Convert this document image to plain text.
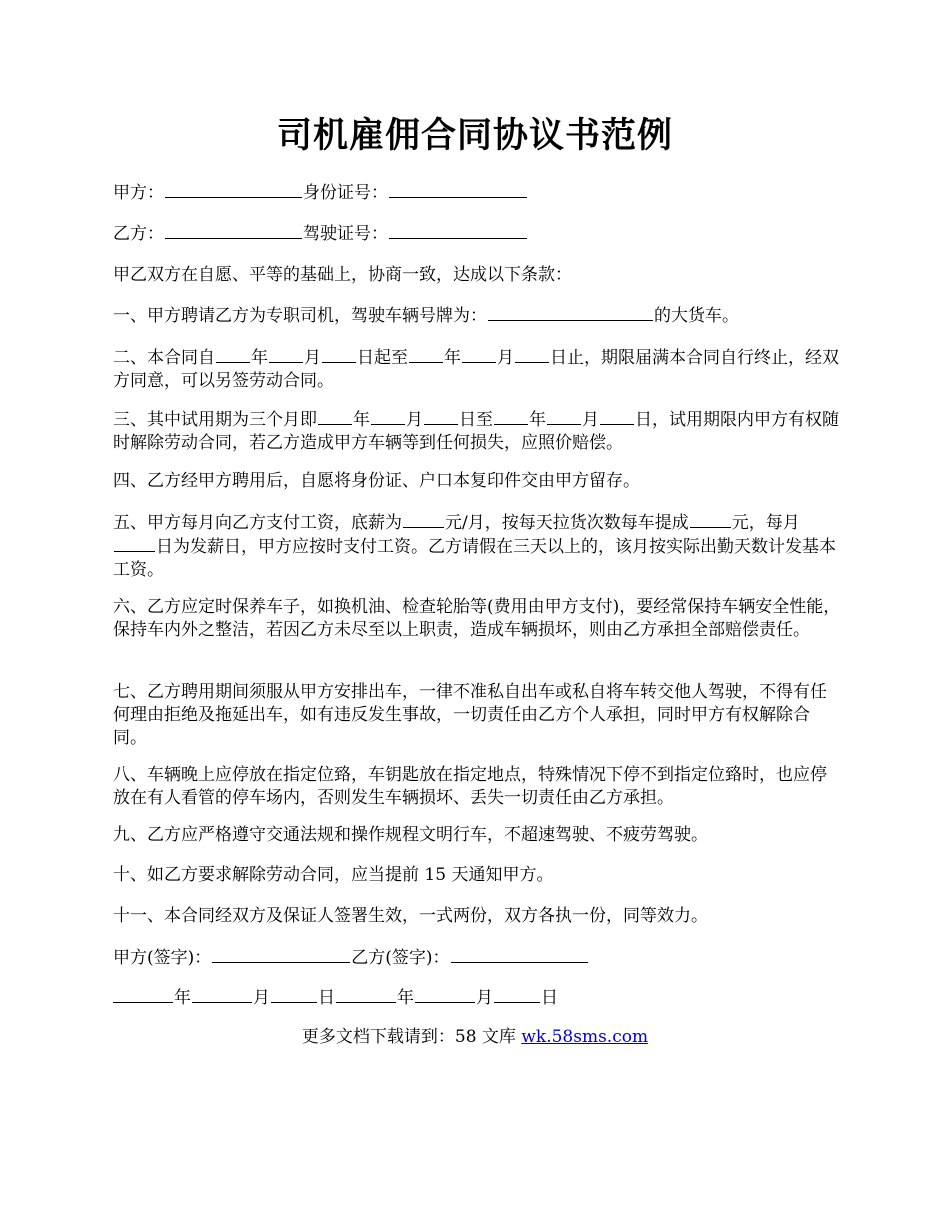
司机雇佣合同协议书范例

甲方：	身份证号：

乙方：	驾驶证号：

甲乙双方在自愿、平等的基础上，协商一致，达成以下条款：

一、甲方聘请乙方为专职司机，驾驶车辆号牌为：	的大货车。

二、本合同自 年 月 日起至 年 月 日止，期限届满本合同自行终止，经双方同意，可以另签劳动合同。

三、其中试用期为三个月即 年 月 日至 年 月 日，试用期限内甲方有权随时解除劳动合同，若乙方造成甲方车辆等到任何损失，应照价赔偿。

四、乙方经甲方聘用后，自愿将身份证、户口本复印件交由甲方留存。

五、甲方每月向乙方支付工资，底薪为	元/月，按每天拉货次数每车提成	元，每月日为发薪日，甲方应按时支付工资。乙方请假在三天以上的，该月按实际出勤天数计发基本工资。

六、乙方应定时保养车子，如换机油、检查轮胎等(费用由甲方支付)，要经常保持车辆安全性能，保持车内外之整洁，若因乙方未尽至以上职责，造成车辆损坏，则由乙方承担全部赔偿责任。

七、乙方聘用期间须服从甲方安排出车，一律不准私自出车或私自将车转交他人驾驶，不得有任何理由拒绝及拖延出车，如有违反发生事故，一切责任由乙方个人承担，同时甲方有权解除合同。

八、车辆晚上应停放在指定位臵，车钥匙放在指定地点，特殊情况下停不到指定位臵时，也应停放在有人看管的停车场内，否则发生车辆损坏、丢失一切责任由乙方承担。

九、乙方应严格遵守交通法规和操作规程文明行车，不超速驾驶、不疲劳驾驶。

十、如乙方要求解除劳动合同，应当提前 15 天通知甲方。

十一、本合同经双方及保证人签署生效，一式两份，双方各执一份，同等效力。

甲方(签字)：	乙方(签字)：

年	月	日	年	月	日

更多文档下载请到：58 文库 wk.58sms.com
